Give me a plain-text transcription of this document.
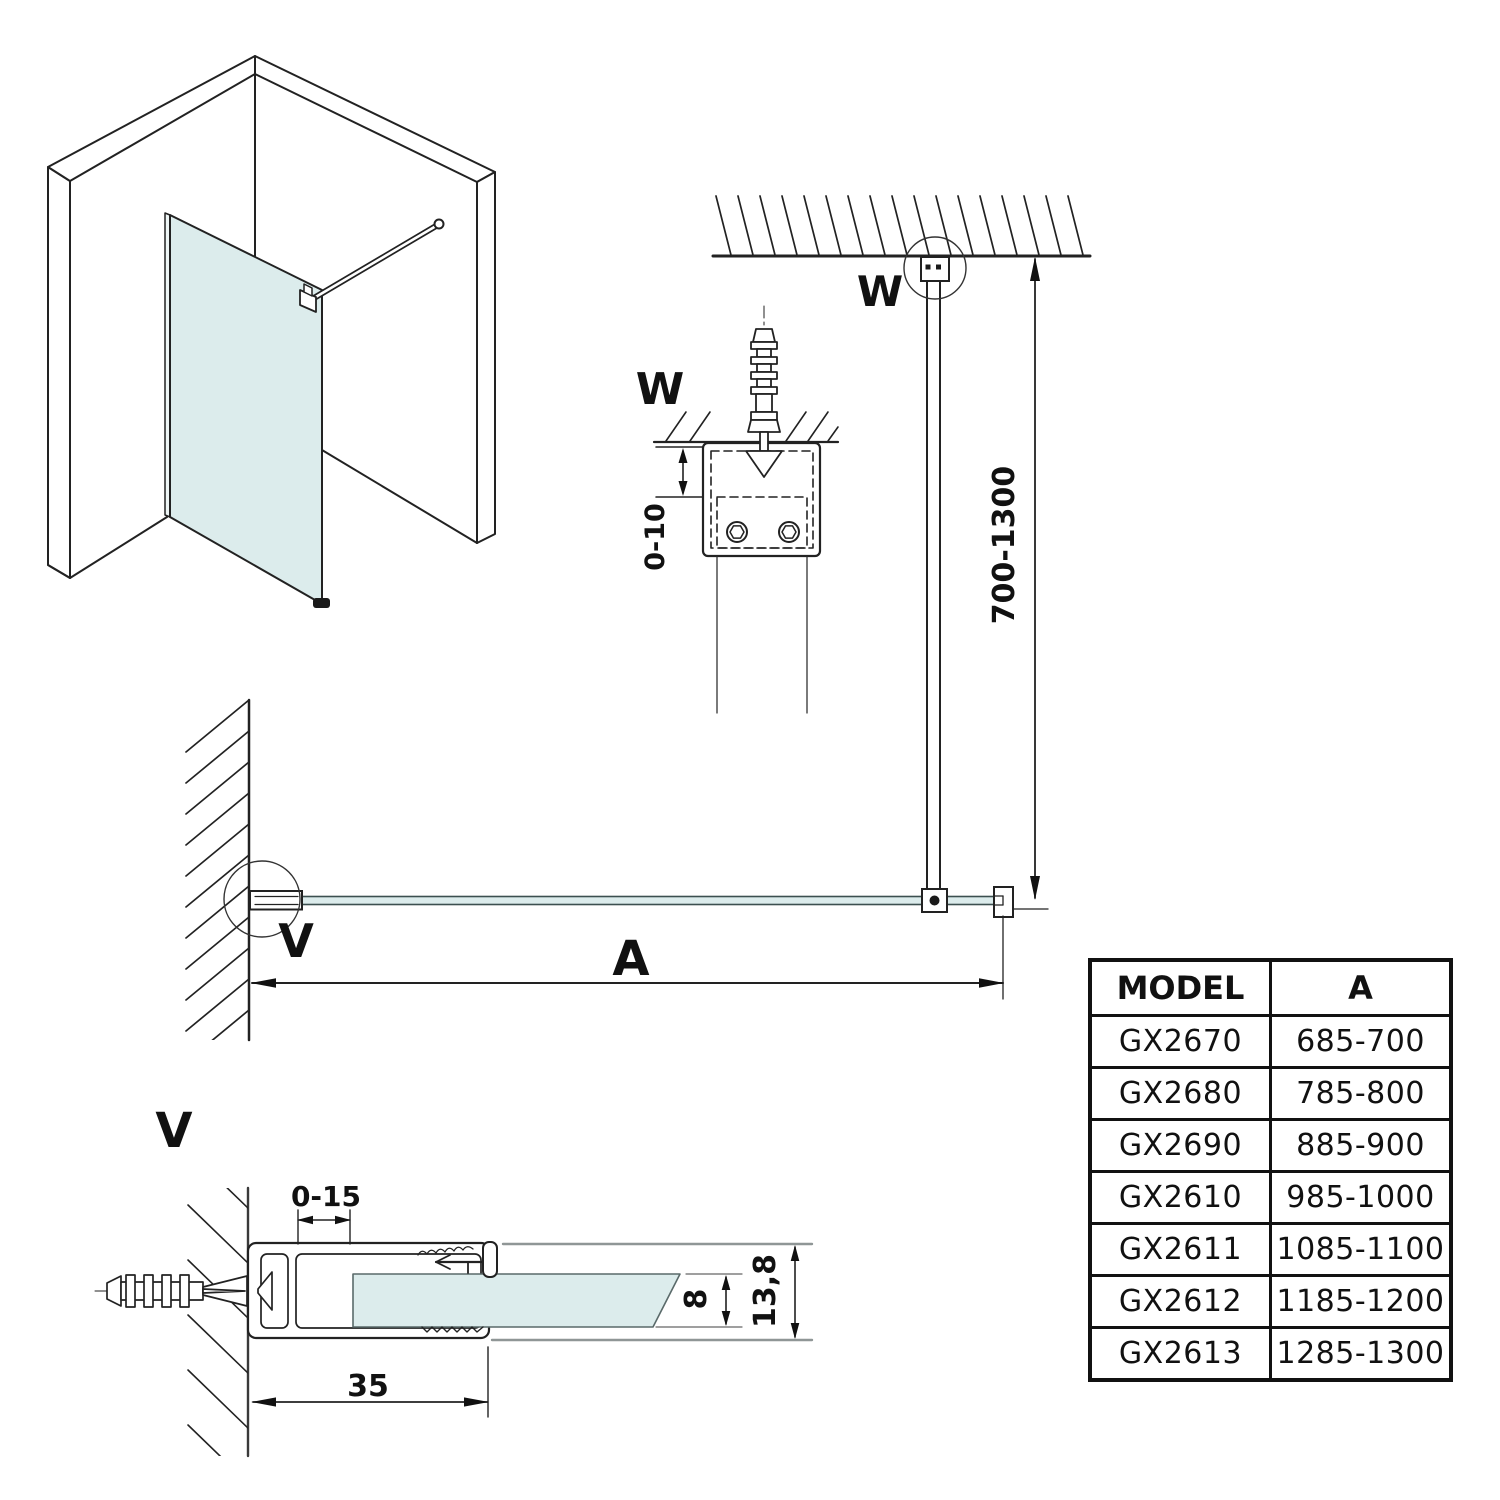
W
W
V
V
A
700-1300
0-10
0-15
35
8 13,8
MODEL	A
GX2670	685-700
GX2680	785-800
GX2690	885-900
GX2610	985-1000
GX2611	1085-1100
GX2612	1185-1200
GX2613	1285-1300
